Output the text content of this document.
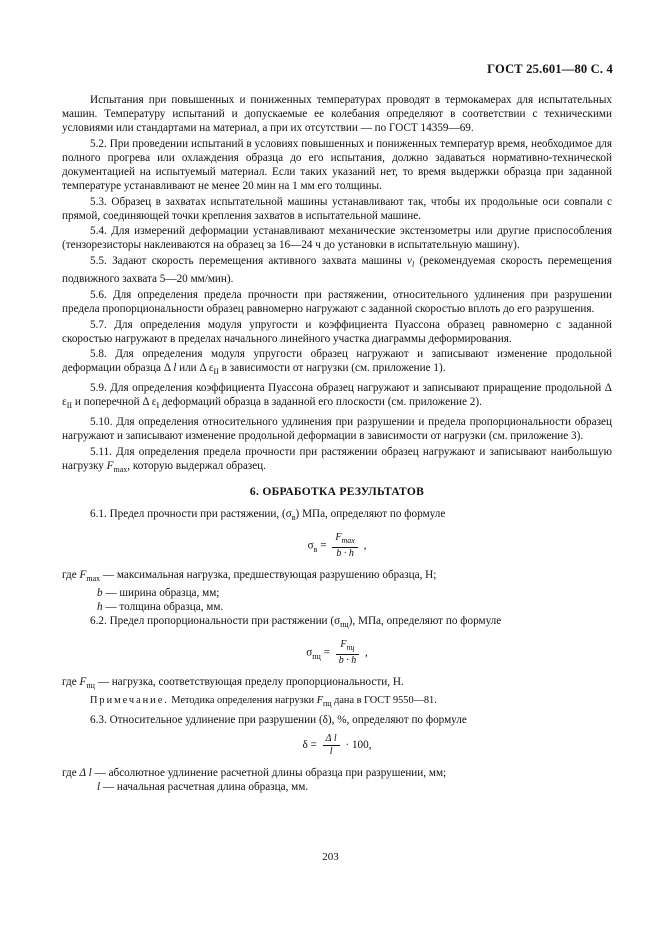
ГОСТ 25.601—80 С. 4

Испытания при повышенных и пониженных температурах проводят в термокамерах для испытательных машин. Температуру испытаний и допускаемые ее колебания определяют в соответствии с техническими условиями или стандартами на материал, а при их отсутствии — по ГОСТ 14359—69.

5.2. При проведении испытаний в условиях повышенных и пониженных температур время, необходимое для полного прогрева или охлаждения образца до его испытания, должно задаваться нормативно-технической документацией на испытуемый материал. Если таких указаний нет, то время выдержки образца при заданной температуре устанавливают не менее 20 мин на 1 мм его толщины.

5.3. Образец в захватах испытательной машины устанавливают так, чтобы их продольные оси совпали с прямой, соединяющей точки крепления захватов в испытательной машине.

5.4. Для измерений деформации устанавливают механические экстензометры или другие приспособления (тензорезисторы наклеиваются на образец за 16—24 ч до установки в испытательную машину).

5.5. Задают скорость перемещения активного захвата машины $v_l$ (рекомендуемая скорость перемещения подвижного захвата 5—20 мм/мин).

5.6. Для определения предела прочности при растяжении, относительного удлинения при разрушении предела пропорциональности образец равномерно нагружают с заданной скоростью вплоть до его разрушения.

5.7. Для определения модуля упругости и коэффициента Пуассона образец равномерно с заданной скоростью нагружают в пределах начального линейного участка диаграммы деформирования.

5.8. Для определения модуля упругости образец нагружают и записывают изменение продольной деформации образца Δ l или Δ $\varepsilon_{II}$ в зависимости от нагрузки (см. приложение 1).

5.9. Для определения коэффициента Пуассона образец нагружают и записывают приращение продольной Δ $\varepsilon_{II}$ и поперечной Δ $\varepsilon_I$ деформаций образца в заданной его плоскости (см. приложение 2).

5.10. Для определения относительного удлинения при разрушении и предела пропорциональности образец нагружают и записывают изменение продольной деформации в зависимости от нагрузки (см. приложение 3).

5.11. Для определения предела прочности при растяжении образец нагружают и записывают наибольшую нагрузку $F_{max}$, которую выдержал образец.

6. ОБРАБОТКА РЕЗУЛЬТАТОВ

6.1. Предел прочности при растяжении, $(\sigma_в)$ МПа, определяют по формуле

$\sigma_в = \frac{F_{max}}{b \cdot h}$ ,
где $F_{max}$ — максимальная нагрузка, предшествующая разрушению образца, Н;
b — ширина образца, мм;
h — толщина образца, мм.

6.2. Предел пропорциональности при растяжении $(\sigma_{пц})$, МПа, определяют по формуле

$\sigma_{пц} = \frac{F_{пц}}{b \cdot h}$ ,
где $F_{пц}$ — нагрузка, соответствующая пределу пропорциональности, Н.

Примечание. Методика определения нагрузки $F_{пц}$ дана в ГОСТ 9550—81.

6.3. Относительное удлинение при разрушении (δ), %, определяют по формуле

$\delta = \frac{\text{Δ l}}{l} \cdot 100$,
где Δ l — абсолютное удлинение расчетной длины образца при разрушении, мм;
l — начальная расчетная длина образца, мм.
203
